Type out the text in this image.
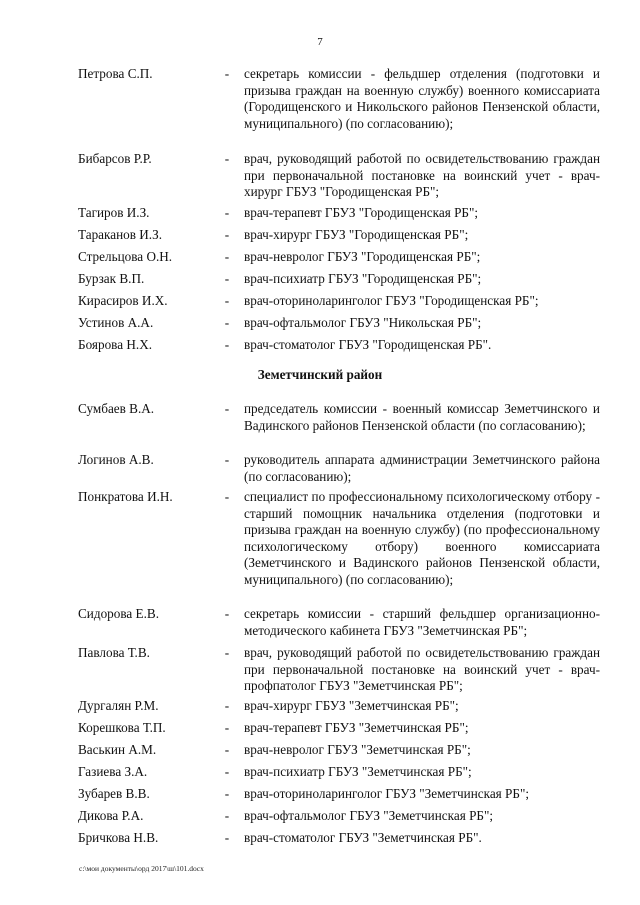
7
Петрова С.П.	- секретарь комиссии - фельдшер отделения (подготовки и призыва граждан на военную службу) военного комиссариата (Городищенского и Никольского районов Пензенской области, муниципального) (по согласованию);
Бибарсов Р.Р.	- врач, руководящий работой по освидетельствованию граждан при первоначальной постановке на воинский учет - врач-хирург ГБУЗ "Городищенская РБ";
Тагиров И.З.	- врач-терапевт ГБУЗ "Городищенская РБ";
Тараканов И.З.	- врач-хирург ГБУЗ "Городищенская РБ";
Стрельцова О.Н.	- врач-невролог ГБУЗ "Городищенская РБ";
Бурзак В.П.	- врач-психиатр ГБУЗ "Городищенская РБ";
Кирасиров И.Х.	- врач-оториноларинголог ГБУЗ "Городищенская РБ";
Устинов А.А.	- врач-офтальмолог ГБУЗ "Никольская РБ";
Боярова Н.Х.	- врач-стоматолог ГБУЗ "Городищенская РБ".
Земетчинский район
Сумбаев В.А.	- председатель комиссии - военный комиссар Земетчинского и Вадинского районов Пензенской области (по согласованию);
Логинов А.В.	- руководитель аппарата администрации Земетчинского района (по согласованию);
Понкратова И.Н.	- специалист по профессиональному психологическому отбору - старший помощник начальника отделения (подготовки и призыва граждан на военную службу) (по профессиональному психологическому отбору) военного комиссариата (Земетчинского и Вадинского районов Пензенской области, муниципального) (по согласованию);
Сидорова Е.В.	- секретарь комиссии - старший фельдшер организационно-методического кабинета ГБУЗ "Земетчинская РБ";
Павлова Т.В.	- врач, руководящий работой по освидетельствованию граждан при первоначальной постановке на воинский учет - врач-профпатолог ГБУЗ "Земетчинская РБ";
Дургалян Р.М.	- врач-хирург ГБУЗ "Земетчинская РБ";
Корешкова Т.П.	- врач-терапевт ГБУЗ "Земетчинская РБ";
Васькин А.М.	- врач-невролог ГБУЗ "Земетчинская РБ";
Газиева З.А.	- врач-психиатр ГБУЗ "Земетчинская РБ";
Зубарев В.В.	- врач-оториноларинголог ГБУЗ "Земетчинская РБ";
Дикова Р.А.	- врач-офтальмолог ГБУЗ "Земетчинская РБ";
Бричкова Н.В.	- врач-стоматолог ГБУЗ "Земетчинская РБ".
c:\мои документы\орд 2017\ш\101.docx
